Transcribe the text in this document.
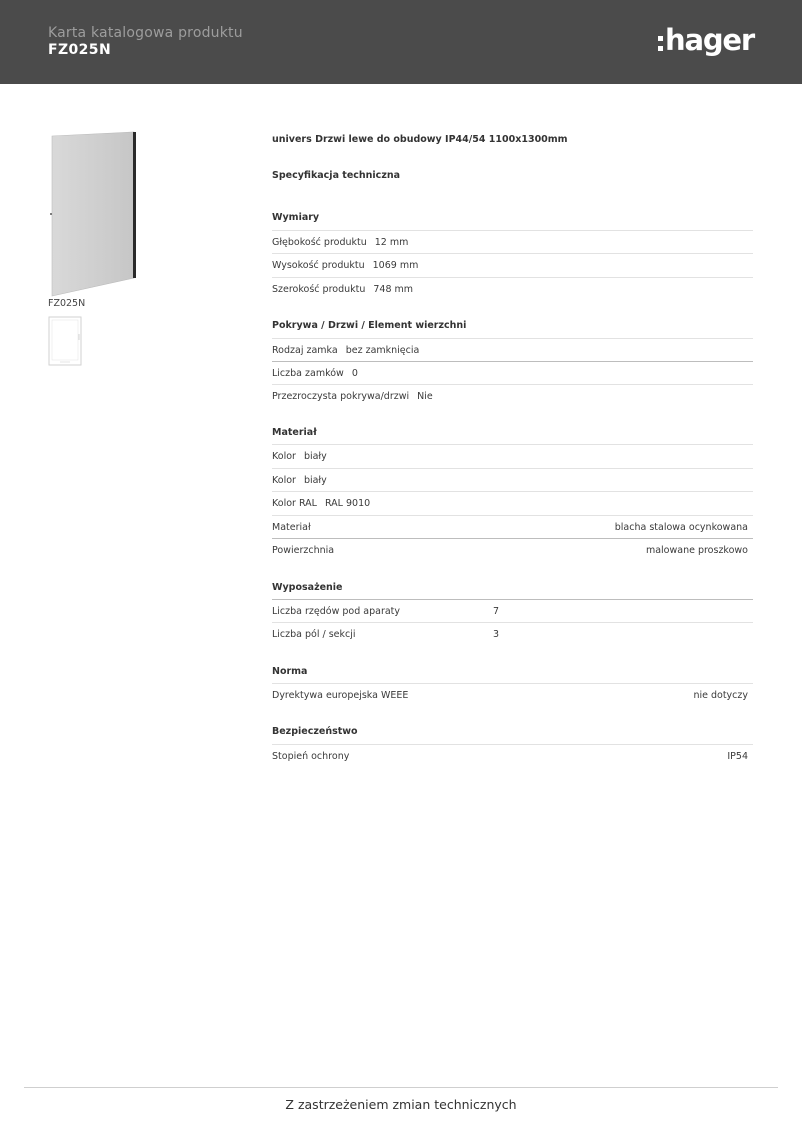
Karta katalogowa produktu
FZ025N	hager
FZ025N
univers Drzwi lewe do obudowy IP44/54 1100x1300mm
Specyfikacja techniczna
Wymiary
Głębokość produktu 12 mm
Wysokość produktu 1069 mm
Szerokość produktu 748 mm
Pokrywa / Drzwi / Element wierzchni
Rodzaj zamka bez zamknięcia
Liczba zamków 0
Przezroczysta pokrywa/drzwi Nie
Materiał
Kolor biały
Kolor biały
Kolor RAL RAL 9010
Materiał	blacha stalowa ocynkowana
Powierzchnia	malowane proszkowo
Wyposażenie
Liczba rzędów pod aparaty	7
Liczba pól / sekcji	3
Norma
Dyrektywa europejska WEEE	nie dotyczy
Bezpieczeństwo
Stopień ochrony	IP54
Z zastrzeżeniem zmian technicznych
